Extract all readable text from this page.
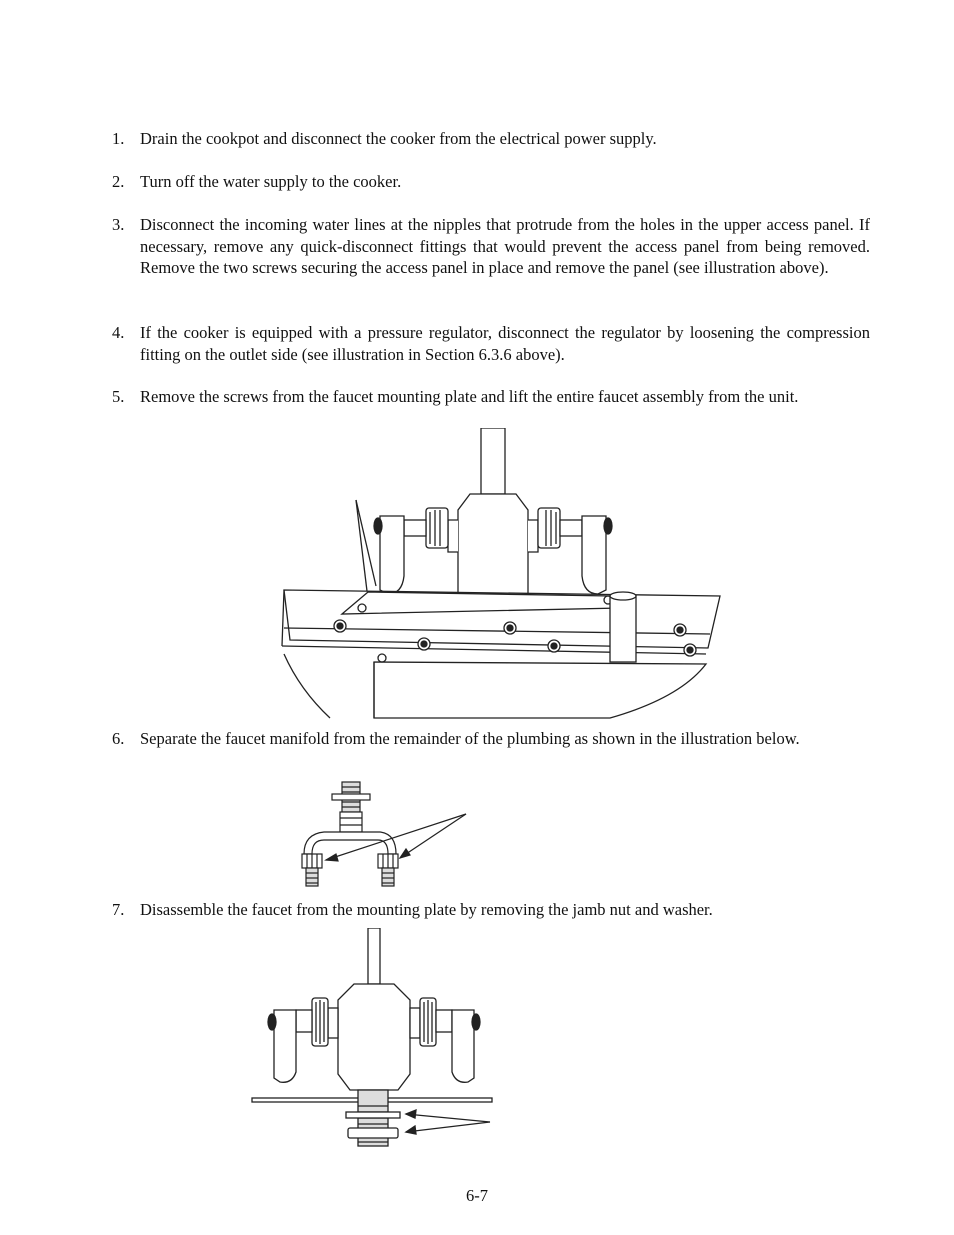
1. Drain the cookpot and disconnect the cooker from the electrical power supply.
2. Turn off the water supply to the cooker.
3. Disconnect the incoming water lines at the nipples that protrude from the holes in the upper access panel. If necessary, remove any quick-disconnect fittings that would prevent the access panel from being removed. Remove the two screws securing the access panel in place and remove the panel (see illustration above).
4. If the cooker is equipped with a pressure regulator, disconnect the regulator by loosening the compression fitting on the outlet side (see illustration in Section 6.3.6 above).
5. Remove the screws from the faucet mounting plate and lift the entire faucet assembly from the unit.
6. Separate the faucet manifold from the remainder of the plumbing as shown in the illustration below.
7. Disassemble the faucet from the mounting plate by removing the jamb nut and washer.
6-7
